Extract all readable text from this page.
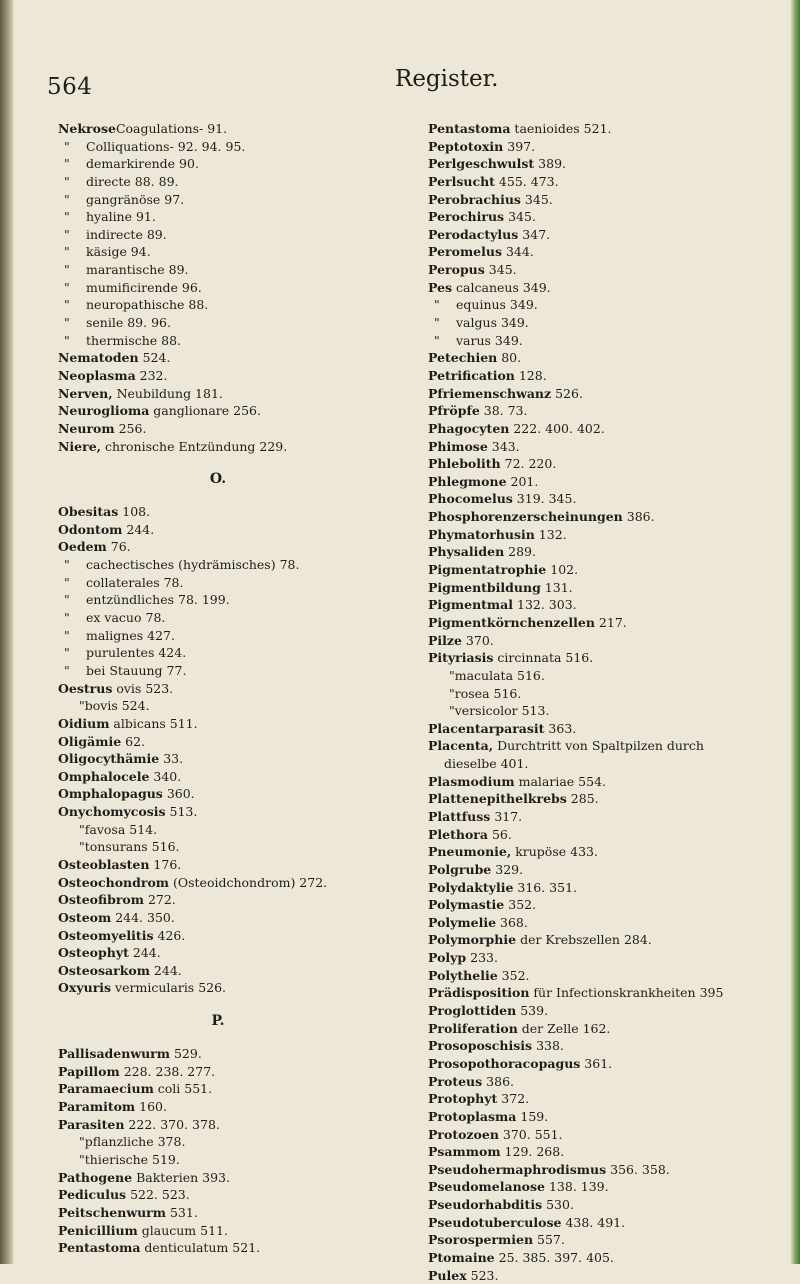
564	Register.
NekroseCoagulations- 91.
" Colliquations- 92. 94. 95.
" demarkirende 90.
" directe 88. 89.
" gangränöse 97.
" hyaline 91.
" indirecte 89.
" käsige 94.
" marantische 89.
" mumificirende 96.
" neuropathische 88.
" senile 89. 96.
" thermische 88.
Nematoden 524.
Neoplasma 232.
Nerven, Neubildung 181.
Neuroglioma ganglionare 256.
Neurom 256.
Niere, chronische Entzündung 229.
O.
Obesitas 108.
Odontom 244.
Oedem 76.
" cachectisches (hydrämisches) 78.
" collaterales 78.
" entzündliches 78. 199.
" ex vacuo 78.
" malignes 427.
" purulentes 424.
" bei Stauung 77.
Oestrus ovis 523.
"bovis 524.
Oidium albicans 511.
Oligämie 62.
Oligocythämie 33.
Omphalocele 340.
Omphalopagus 360.
Onychomycosis 513.
"favosa 514.
"tonsurans 516.
Osteoblasten 176.
Osteochondrom (Osteoidchondrom) 272.
Osteofibrom 272.
Osteom 244. 350.
Osteomyelitis 426.
Osteophyt 244.
Osteosarkom 244.
Oxyuris vermicularis 526.
P.
Pallisadenwurm 529.
Papillom 228. 238. 277.
Paramaecium coli 551.
Paramitom 160.
Parasiten 222. 370. 378.
"pflanzliche 378.
"thierische 519.
Pathogene Bakterien 393.
Pediculus 522. 523.
Peitschenwurm 531.
Penicillium glaucum 511.
Pentastoma denticulatum 521.
Pentastoma taenioides 521.
Peptotoxin 397.
Perlgeschwulst 389.
Perlsucht 455. 473.
Perobrachius 345.
Perochirus 345.
Perodactylus 347.
Peromelus 344.
Peropus 345.
Pes calcaneus 349.
" equinus 349.
" valgus 349.
" varus 349.
Petechien 80.
Petrification 128.
Pfriemenschwanz 526.
Pfröpfe 38. 73.
Phagocyten 222. 400. 402.
Phimose 343.
Phlebolith 72. 220.
Phlegmone 201.
Phocomelus 319. 345.
Phosphorenzerscheinungen 386.
Phymatorhusin 132.
Physaliden 289.
Pigmentatrophie 102.
Pigmentbildung 131.
Pigmentmal 132. 303.
Pigmentkörnchenzellen 217.
Pilze 370.
Pityriasis circinnata 516.
"maculata 516.
"rosea 516.
"versicolor 513.
Placentarparasit 363.
Placenta, Durchtritt von Spaltpilzen durch
dieselbe 401.
Plasmodium malariae 554.
Plattenepithelkrebs 285.
Plattfuss 317.
Plethora 56.
Pneumonie, krupöse 433.
Polgrube 329.
Polydaktylie 316. 351.
Polymastie 352.
Polymelie 368.
Polymorphie der Krebszellen 284.
Polyp 233.
Polythelie 352.
Prädisposition für Infectionskrankheiten 395
Proglottiden 539.
Proliferation der Zelle 162.
Prosoposchisis 338.
Prosopothoracopagus 361.
Proteus 386.
Protophyt 372.
Protoplasma 159.
Protozoen 370. 551.
Psammom 129. 268.
Pseudohermaphrodismus 356. 358.
Pseudomelanose 138. 139.
Pseudorhabditis 530.
Pseudotuberculose 438. 491.
Psorospermien 557.
Ptomaine 25. 385. 397. 405.
Pulex 523.
